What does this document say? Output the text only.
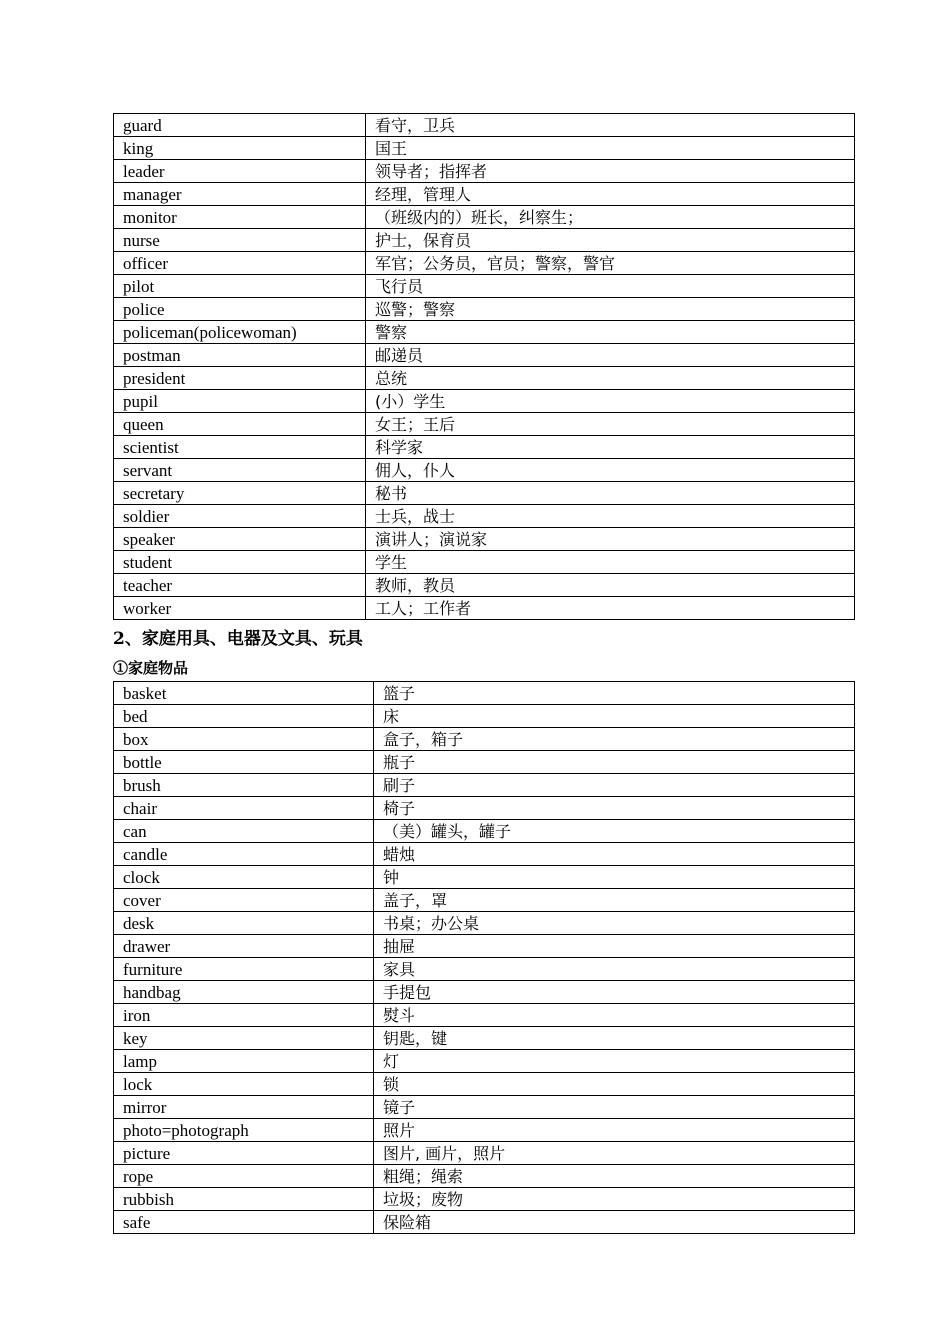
guard	看守，卫兵
king	国王
leader	领导者；指挥者
manager	经理，管理人
monitor	（班级内的）班长，纠察生；
nurse	护士，保育员
officer	军官；公务员，官员；警察，警官
pilot	飞行员
police	巡警；警察
policeman(policewoman)	警察
postman	邮递员
president	总统
pupil	(小）学生
queen	女王；王后
scientist	科学家
servant	佣人，仆人
secretary	秘书
soldier	士兵，战士
speaker	演讲人；演说家
student	学生
teacher	教师，教员
worker	工人；工作者
2、家庭用具、电器及文具、玩具
①家庭物品
basket	篮子
bed	床
box	盒子，箱子
bottle	瓶子
brush	刷子
chair	椅子
can	（美）罐头，罐子
candle	蜡烛
clock	钟
cover	盖子，罩
desk	书桌；办公桌
drawer	抽屉
furniture	家具
handbag	手提包
iron	熨斗
key	钥匙，键
lamp	灯
lock	锁
mirror	镜子
photo=photograph	照片
picture	图片, 画片，照片
rope	粗绳；绳索
rubbish	垃圾；废物
safe	保险箱
